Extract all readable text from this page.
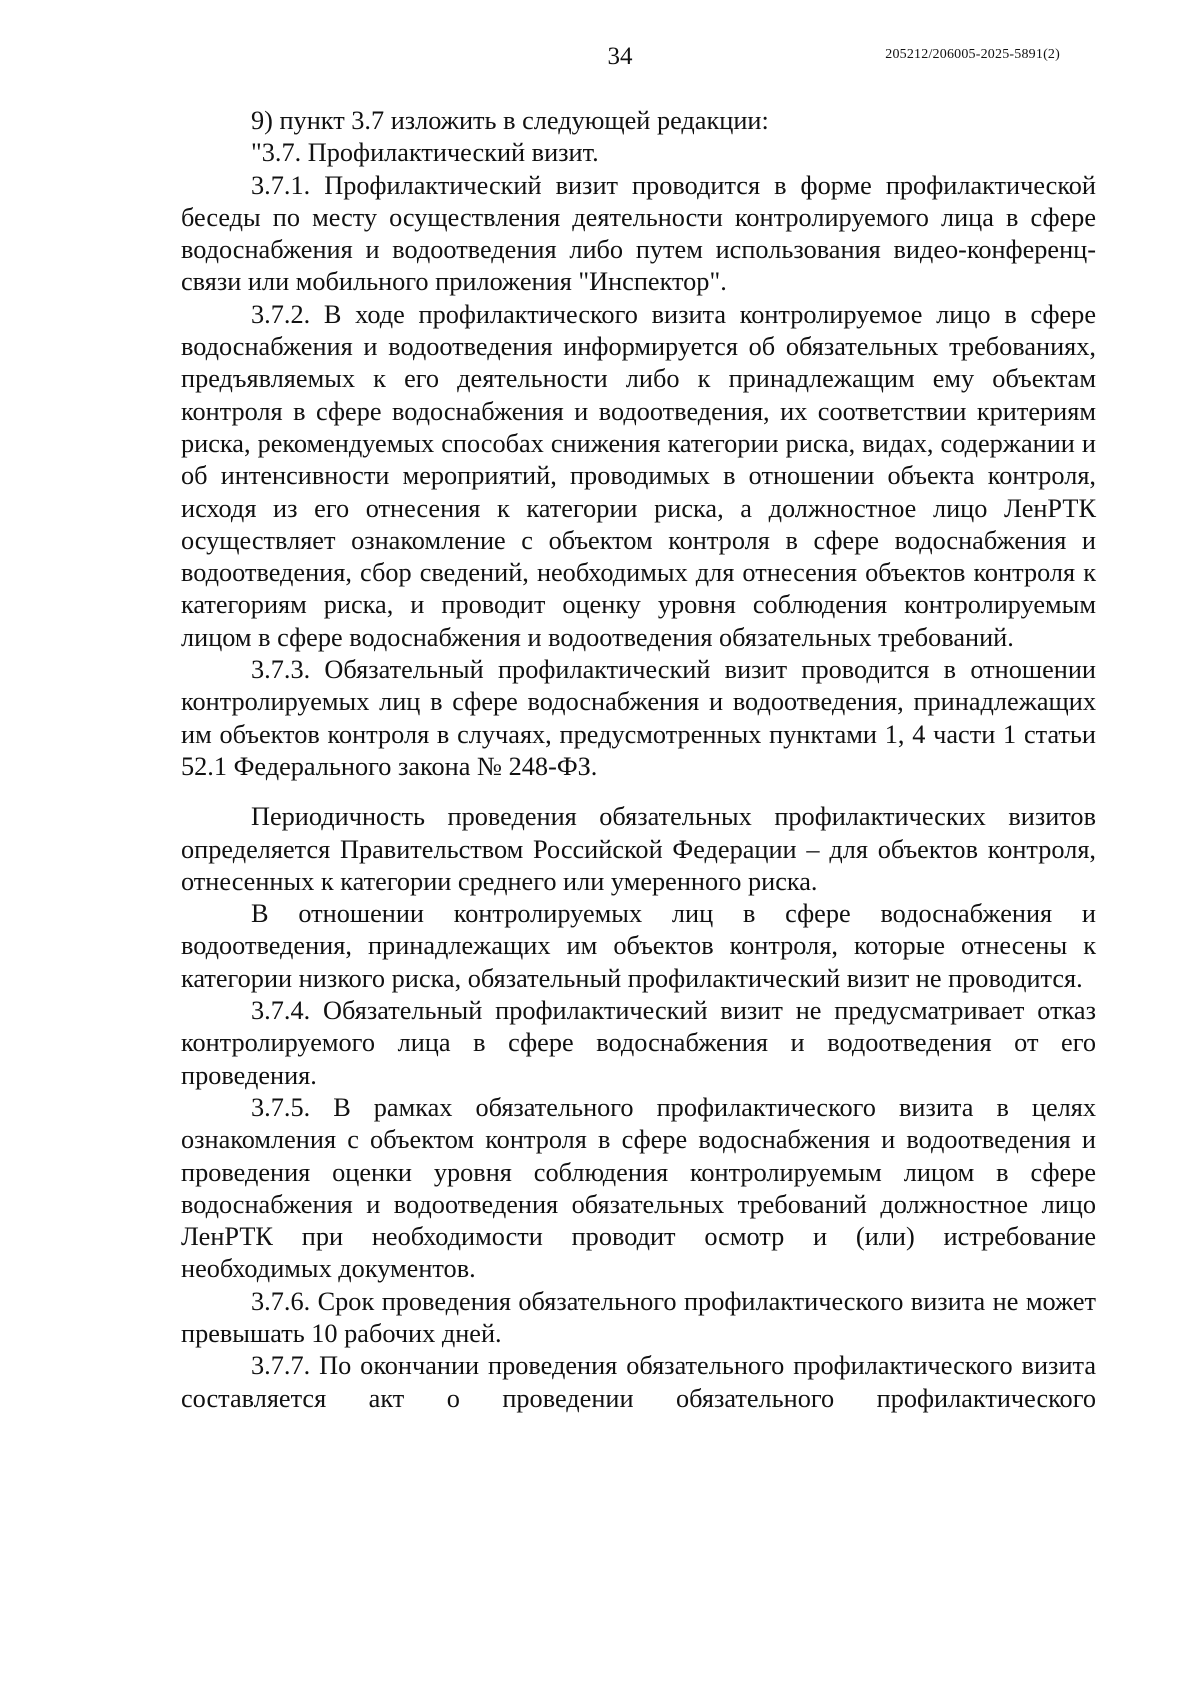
34	205212/206005-2025-5891(2)

9) пункт 3.7 изложить в следующей редакции:

"3.7. Профилактический визит.

3.7.1. Профилактический визит проводится в форме профилактической беседы по месту осуществления деятельности контролируемого лица в сфере водоснабжения и водоотведения либо путем использования видео-конференц-связи или мобильного приложения "Инспектор".

3.7.2. В ходе профилактического визита контролируемое лицо в сфере водоснабжения и водоотведения информируется об обязательных требованиях, предъявляемых к его деятельности либо к принадлежащим ему объектам контроля в сфере водоснабжения и водоотведения, их соответствии критериям риска, рекомендуемых способах снижения категории риска, видах, содержании и об интенсивности мероприятий, проводимых в отношении объекта контроля, исходя из его отнесения к категории риска, а должностное лицо ЛенРТК осуществляет ознакомление с объектом контроля в сфере водоснабжения и водоотведения, сбор сведений, необходимых для отнесения объектов контроля к категориям риска, и проводит оценку уровня соблюдения контролируемым лицом в сфере водоснабжения и водоотведения обязательных требований.

3.7.3. Обязательный профилактический визит проводится в отношении контролируемых лиц в сфере водоснабжения и водоотведения, принадлежащих им объектов контроля в случаях, предусмотренных пунктами 1, 4 части 1 статьи 52.1 Федерального закона № 248-ФЗ.

Периодичность проведения обязательных профилактических визитов определяется Правительством Российской Федерации – для объектов контроля, отнесенных к категории среднего или умеренного риска.

В отношении контролируемых лиц в сфере водоснабжения и водоотведения, принадлежащих им объектов контроля, которые отнесены к категории низкого риска, обязательный профилактический визит не проводится.

3.7.4. Обязательный профилактический визит не предусматривает отказ контролируемого лица в сфере водоснабжения и водоотведения от его проведения.

3.7.5. В рамках обязательного профилактического визита в целях ознакомления с объектом контроля в сфере водоснабжения и водоотведения и проведения оценки уровня соблюдения контролируемым лицом в сфере водоснабжения и водоотведения обязательных требований должностное лицо ЛенРТК при необходимости проводит осмотр и (или) истребование необходимых документов.

3.7.6. Срок проведения обязательного профилактического визита не может превышать 10 рабочих дней.

3.7.7. По окончании проведения обязательного профилактического визита составляется акт о проведении обязательного профилактического
